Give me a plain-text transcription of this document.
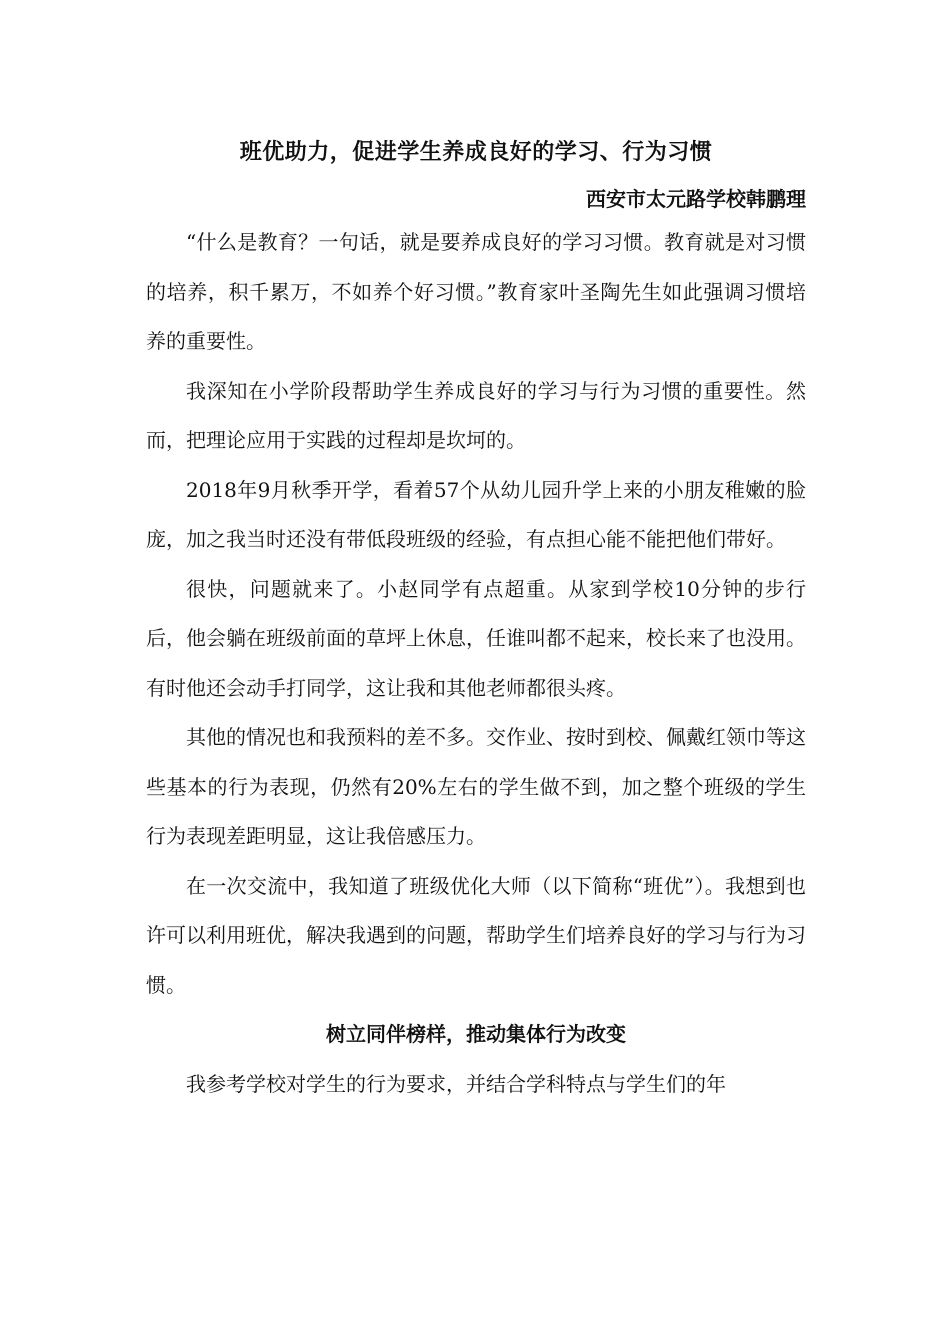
班优助力，促进学生养成良好的学习、行为习惯

西安市太元路学校韩鹏理

“什么是教育？一句话，就是要养成良好的学习习惯。教育就是对习惯的培养，积千累万，不如养个好习惯。”教育家叶圣陶先生如此强调习惯培养的重要性。

我深知在小学阶段帮助学生养成良好的学习与行为习惯的重要性。然而，把理论应用于实践的过程却是坎坷的。

2018年9月秋季开学，看着57个从幼儿园升学上来的小朋友稚嫩的脸庞，加之我当时还没有带低段班级的经验，有点担心能不能把他们带好。

很快，问题就来了。小赵同学有点超重。从家到学校10分钟的步行后，他会躺在班级前面的草坪上休息，任谁叫都不起来，校长来了也没用。有时他还会动手打同学，这让我和其他老师都很头疼。

其他的情况也和我预料的差不多。交作业、按时到校、佩戴红领巾等这些基本的行为表现，仍然有20%左右的学生做不到，加之整个班级的学生行为表现差距明显，这让我倍感压力。

在一次交流中，我知道了班级优化大师（以下简称“班优”）。我想到也许可以利用班优，解决我遇到的问题，帮助学生们培养良好的学习与行为习惯。

树立同伴榜样，推动集体行为改变

我参考学校对学生的行为要求，并结合学科特点与学生们的年
